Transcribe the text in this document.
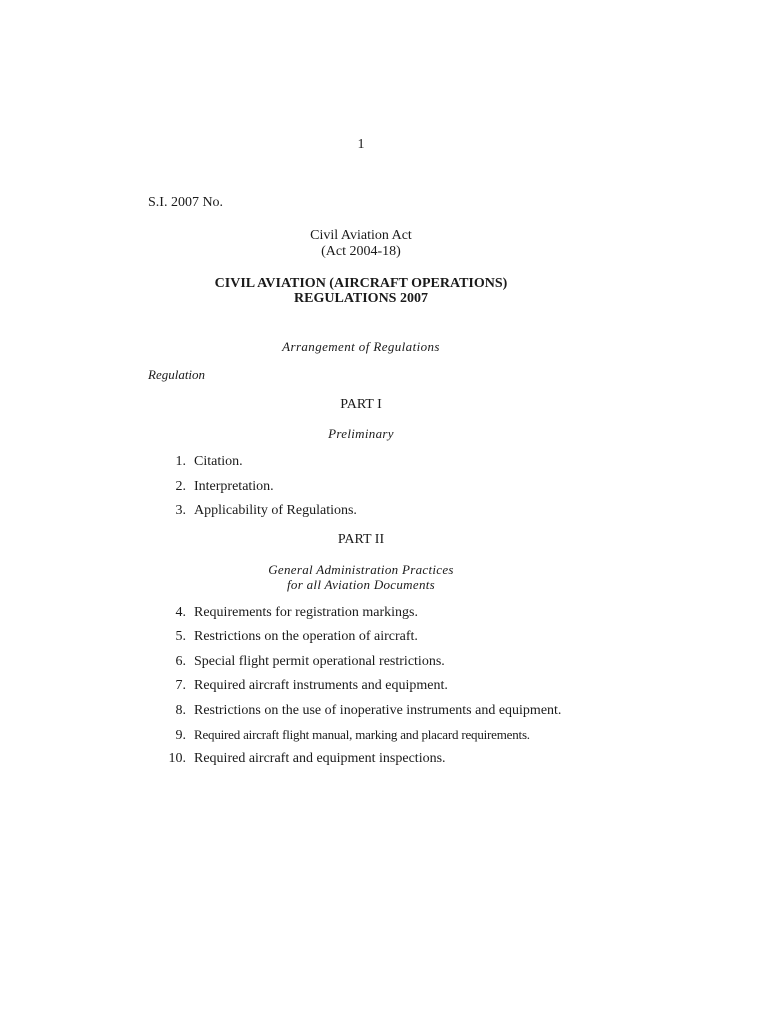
1
S.I. 2007 No.
Civil Aviation Act
(Act 2004-18)
CIVIL AVIATION (AIRCRAFT OPERATIONS)
REGULATIONS 2007
Arrangement of Regulations
Regulation
PART I
Preliminary
1. Citation.
2. Interpretation.
3. Applicability of Regulations.
PART II
General Administration Practices
for all Aviation Documents
4. Requirements for registration markings.
5. Restrictions on the operation of aircraft.
6. Special flight permit operational restrictions.
7. Required aircraft instruments and equipment.
8. Restrictions on the use of inoperative instruments and equipment.
9. Required aircraft flight manual, marking and placard requirements.
10. Required aircraft and equipment inspections.
